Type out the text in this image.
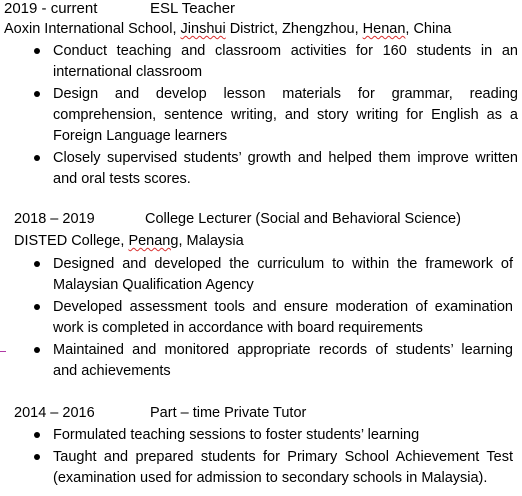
2019 - current	ESL Teacher
Aoxin International School, Jinshui District, Zhengzhou, Henan, China
Conduct teaching and classroom activities for 160 students in an
international classroom
Design and develop lesson materials for grammar, reading
comprehension, sentence writing, and story writing for English as a
Foreign Language learners
Closely supervised students’ growth and helped them improve written
and oral tests scores.
2018 – 2019	College Lecturer (Social and Behavioral Science)
DISTED College, Penang, Malaysia
Designed and developed the curriculum to within the framework of
Malaysian Qualification Agency
Developed assessment tools and ensure moderation of examination
work is completed in accordance with board requirements
Maintained and monitored appropriate records of students’ learning
and achievements
2014 – 2016	Part – time Private Tutor
Formulated teaching sessions to foster students’ learning
Taught and prepared students for Primary School Achievement Test
(examination used for admission to secondary schools in Malaysia).
